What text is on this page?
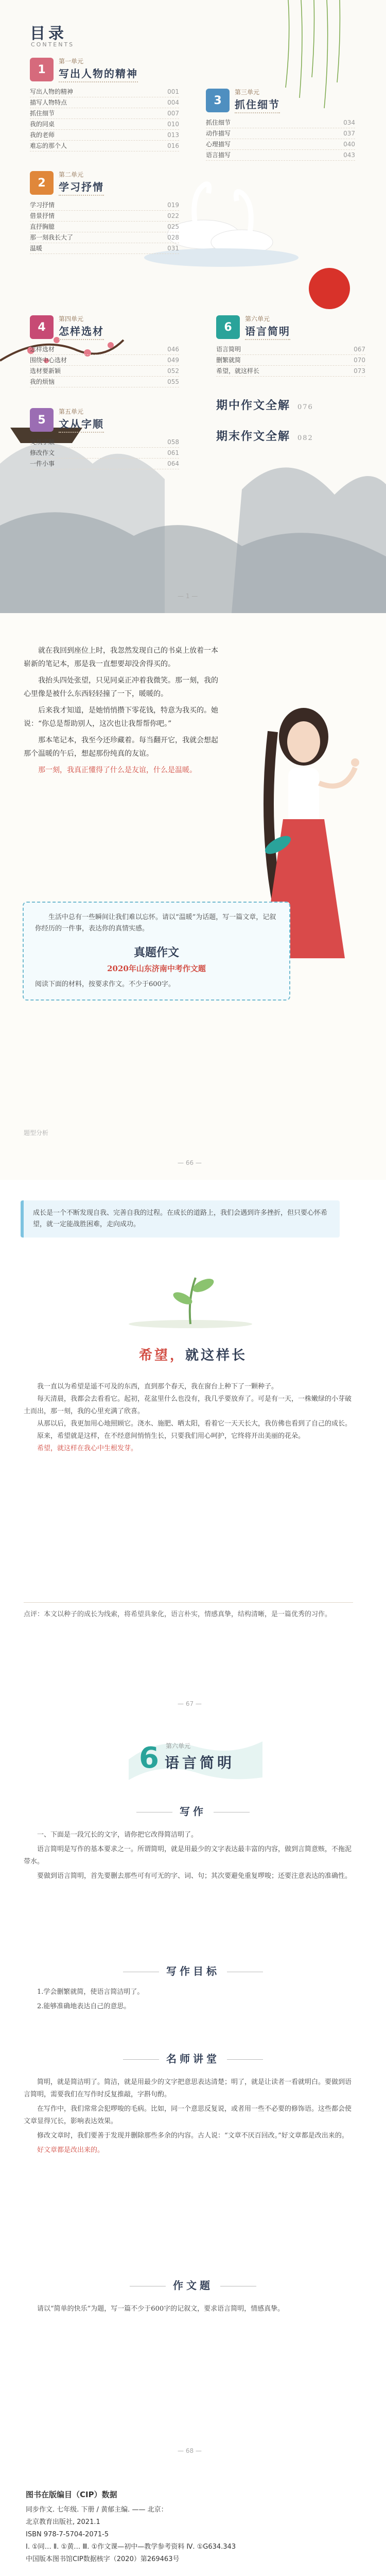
目录
CONTENTS
1
第一单元
写出人物的精神
写出人物的精神	001
描写人物特点	004
抓住细节	007
我的同桌	010
我的老师	013
难忘的那个人	016
2
第二单元
学习抒情
学习抒情	019
借景抒情	022
直抒胸臆	025
那一刻我长大了	028
温暖	031
3
第三单元
抓住细节
抓住细节	034
动作描写	037
心理描写	040
语言描写	043
4
第四单元
怎样选材
怎样选材	046
围绕中心选材	049
选材要新颖	052
我的烦恼	055
5
第五单元
文从字顺
文从字顺	058
修改作文	061
一件小事	064
6
第六单元
语言简明
语言简明	067
删繁就简	070
希望，就这样长	073
期中作文全解 076
期末作文全解 082
— 1 —

就在我回到座位上时，我忽然发现自己的书桌上放着一本崭新的笔记本，那是我一直想要却没舍得买的。

我抬头四处张望，只见同桌正冲着我微笑。那一刻，我的心里像是被什么东西轻轻撞了一下，暖暖的。

后来我才知道，是她悄悄攒下零花钱，特意为我买的。她说：“你总是帮助别人，这次也让我帮帮你吧。”

那本笔记本，我至今还珍藏着。每当翻开它，我就会想起那个温暖的午后，想起那份纯真的友谊。

那一刻，我真正懂得了什么是友谊，什么是温暖。

生活中总有一些瞬间让我们难以忘怀。请以“温暖”为话题，写一篇文章，记叙你经历的一件事，表达你的真情实感。

真题作文
2020年山东济南中考作文题

阅读下面的材料，按要求作文。不少于600字。

题型分析
— 66 —
成长是一个不断发现自我、完善自我的过程。在成长的道路上，我们会遇到许多挫折，但只要心怀希望，就一定能战胜困难，走向成功。
希望，就这样长

我一直以为希望是遥不可及的东西，直到那个春天，我在窗台上种下了一颗种子。

每天清晨，我都会去看看它。起初，花盆里什么也没有，我几乎要放弃了。可是有一天，一株嫩绿的小芽破土而出，那一刻，我的心里充满了欣喜。

从那以后，我更加用心地照顾它。浇水、施肥、晒太阳，看着它一天天长大，我仿佛也看到了自己的成长。

原来，希望就是这样，在不经意间悄悄生长，只要我们用心呵护，它终将开出美丽的花朵。

希望，就这样在我心中生根发芽。

点评：本文以种子的成长为线索，将希望具象化，语言朴实，情感真挚，结构清晰，是一篇优秀的习作。
— 67 —
6 第六单元
语言简明
写作

一、下面是一段冗长的文字，请你把它改得简洁明了。

语言简明是写作的基本要求之一。所谓简明，就是用最少的文字表达最丰富的内容，做到言简意赅，不拖泥带水。

要做到语言简明，首先要删去那些可有可无的字、词、句；其次要避免重复啰唆；还要注意表达的准确性。

写作目标

1.学会删繁就简，使语言简洁明了。

2.能够准确地表达自己的意思。

名师讲堂

简明，就是简洁明了。简洁，就是用最少的文字把意思表达清楚；明了，就是让读者一看就明白。要做到语言简明，需要我们在写作时反复推敲，字斟句酌。

在写作中，我们常常会犯啰唆的毛病。比如，同一个意思反复说，或者用一些不必要的修饰语。这些都会使文章显得冗长，影响表达效果。

修改文章时，我们要善于发现并删除那些多余的内容。古人说：“文章不厌百回改。”好文章都是改出来的。

好文章都是改出来的。

作文题

请以“简单的快乐”为题，写一篇不少于600字的记叙文，要求语言简明，情感真挚。

— 68 —
图书在版编目（CIP）数据
同步作文. 七年级. 下册 / 黄郁主编. —— 北京：
北京教育出版社, 2021.1
ISBN 978-7-5704-2071-5
Ⅰ. ①同… Ⅱ. ①黄… Ⅲ. ①作文课—初中—教学参考资料 Ⅳ. ①G634.343
中国版本图书馆CIP数据核字（2020）第269463号
